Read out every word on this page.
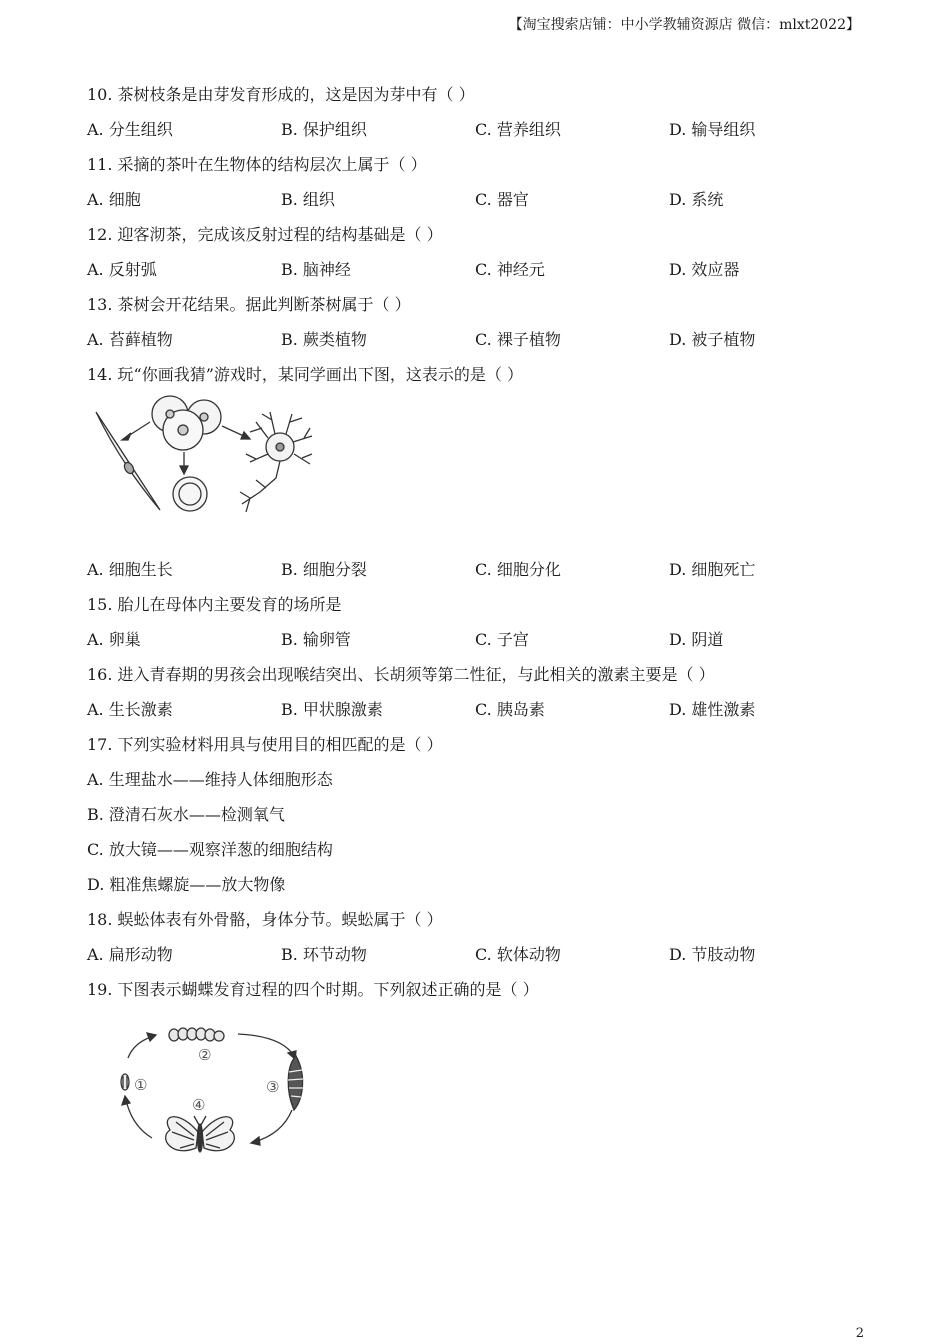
【淘宝搜索店铺：中小学教辅资源店 微信：mlxt2022】
10. 茶树枝条是由芽发育形成的，这是因为芽中有（ ）
A. 分生组织	B. 保护组织	C. 营养组织	D. 输导组织
11. 采摘的茶叶在生物体的结构层次上属于（ ）
A. 细胞	B. 组织	C. 器官	D. 系统
12. 迎客沏茶，完成该反射过程的结构基础是（ ）
A. 反射弧	B. 脑神经	C. 神经元	D. 效应器
13. 茶树会开花结果。据此判断茶树属于（ ）
A. 苔藓植物	B. 蕨类植物	C. 裸子植物	D. 被子植物
14. 玩“你画我猜”游戏时，某同学画出下图，这表示的是（ ）
A. 细胞生长	B. 细胞分裂	C. 细胞分化	D. 细胞死亡
15. 胎儿在母体内主要发育的场所是
A. 卵巢	B. 输卵管	C. 子宫	D. 阴道
16. 进入青春期的男孩会出现喉结突出、长胡须等第二性征，与此相关的激素主要是（ ）
A. 生长激素	B. 甲状腺激素	C. 胰岛素	D. 雄性激素
17. 下列实验材料用具与使用目的相匹配的是（ ）
A. 生理盐水——维持人体细胞形态
B. 澄清石灰水——检测氧气
C. 放大镜——观察洋葱的细胞结构
D. 粗准焦螺旋——放大物像
18. 蜈蚣体表有外骨骼，身体分节。蜈蚣属于（ ）
A. 扁形动物	B. 环节动物	C. 软体动物	D. 节肢动物
19. 下图表示蝴蝶发育过程的四个时期。下列叙述正确的是（ ）
①
②
③
④
2
